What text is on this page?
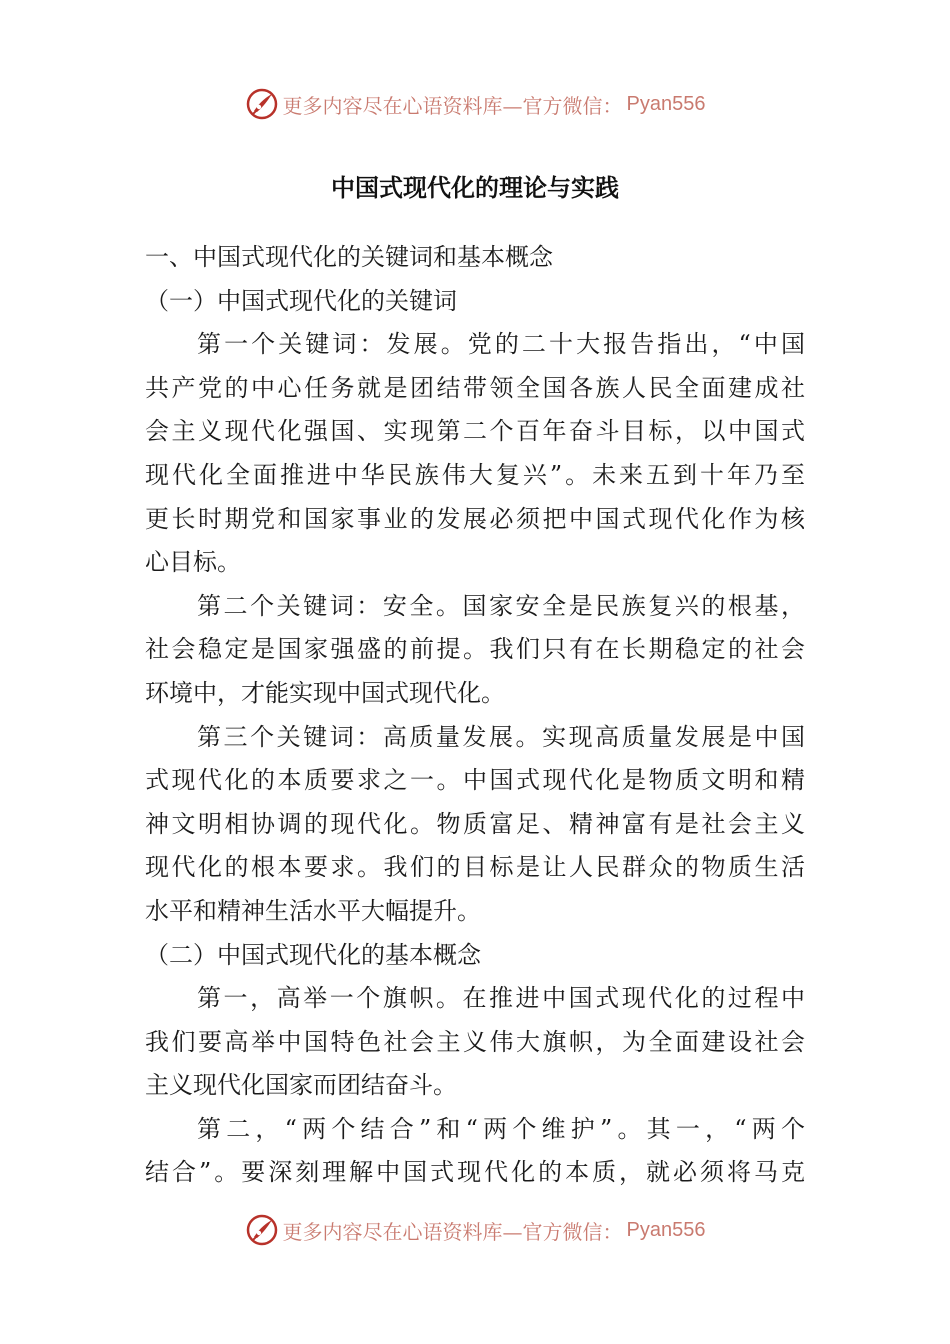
更多内容尽在心语资料库—官方微信： Pyan556
中国式现代化的理论与实践
一、中国式现代化的关键词和基本概念
（一）中国式现代化的关键词
第一个关键词：发展。党的二十大报告指出，“中国
共产党的中心任务就是团结带领全国各族人民全面建成社
会主义现代化强国、实现第二个百年奋斗目标，以中国式
现代化全面推进中华民族伟大复兴”。未来五到十年乃至
更长时期党和国家事业的发展必须把中国式现代化作为核
心目标。
第二个关键词：安全。国家安全是民族复兴的根基，
社会稳定是国家强盛的前提。我们只有在长期稳定的社会
环境中，才能实现中国式现代化。
第三个关键词：高质量发展。实现高质量发展是中国
式现代化的本质要求之一。中国式现代化是物质文明和精
神文明相协调的现代化。物质富足、精神富有是社会主义
现代化的根本要求。我们的目标是让人民群众的物质生活
水平和精神生活水平大幅提升。
（二）中国式现代化的基本概念
第一，高举一个旗帜。在推进中国式现代化的过程中
我们要高举中国特色社会主义伟大旗帜，为全面建设社会
主义现代化国家而团结奋斗。
第二，“两个结合”和“两个维护”。其一，“两个
结合”。要深刻理解中国式现代化的本质，就必须将马克
更多内容尽在心语资料库—官方微信： Pyan556
